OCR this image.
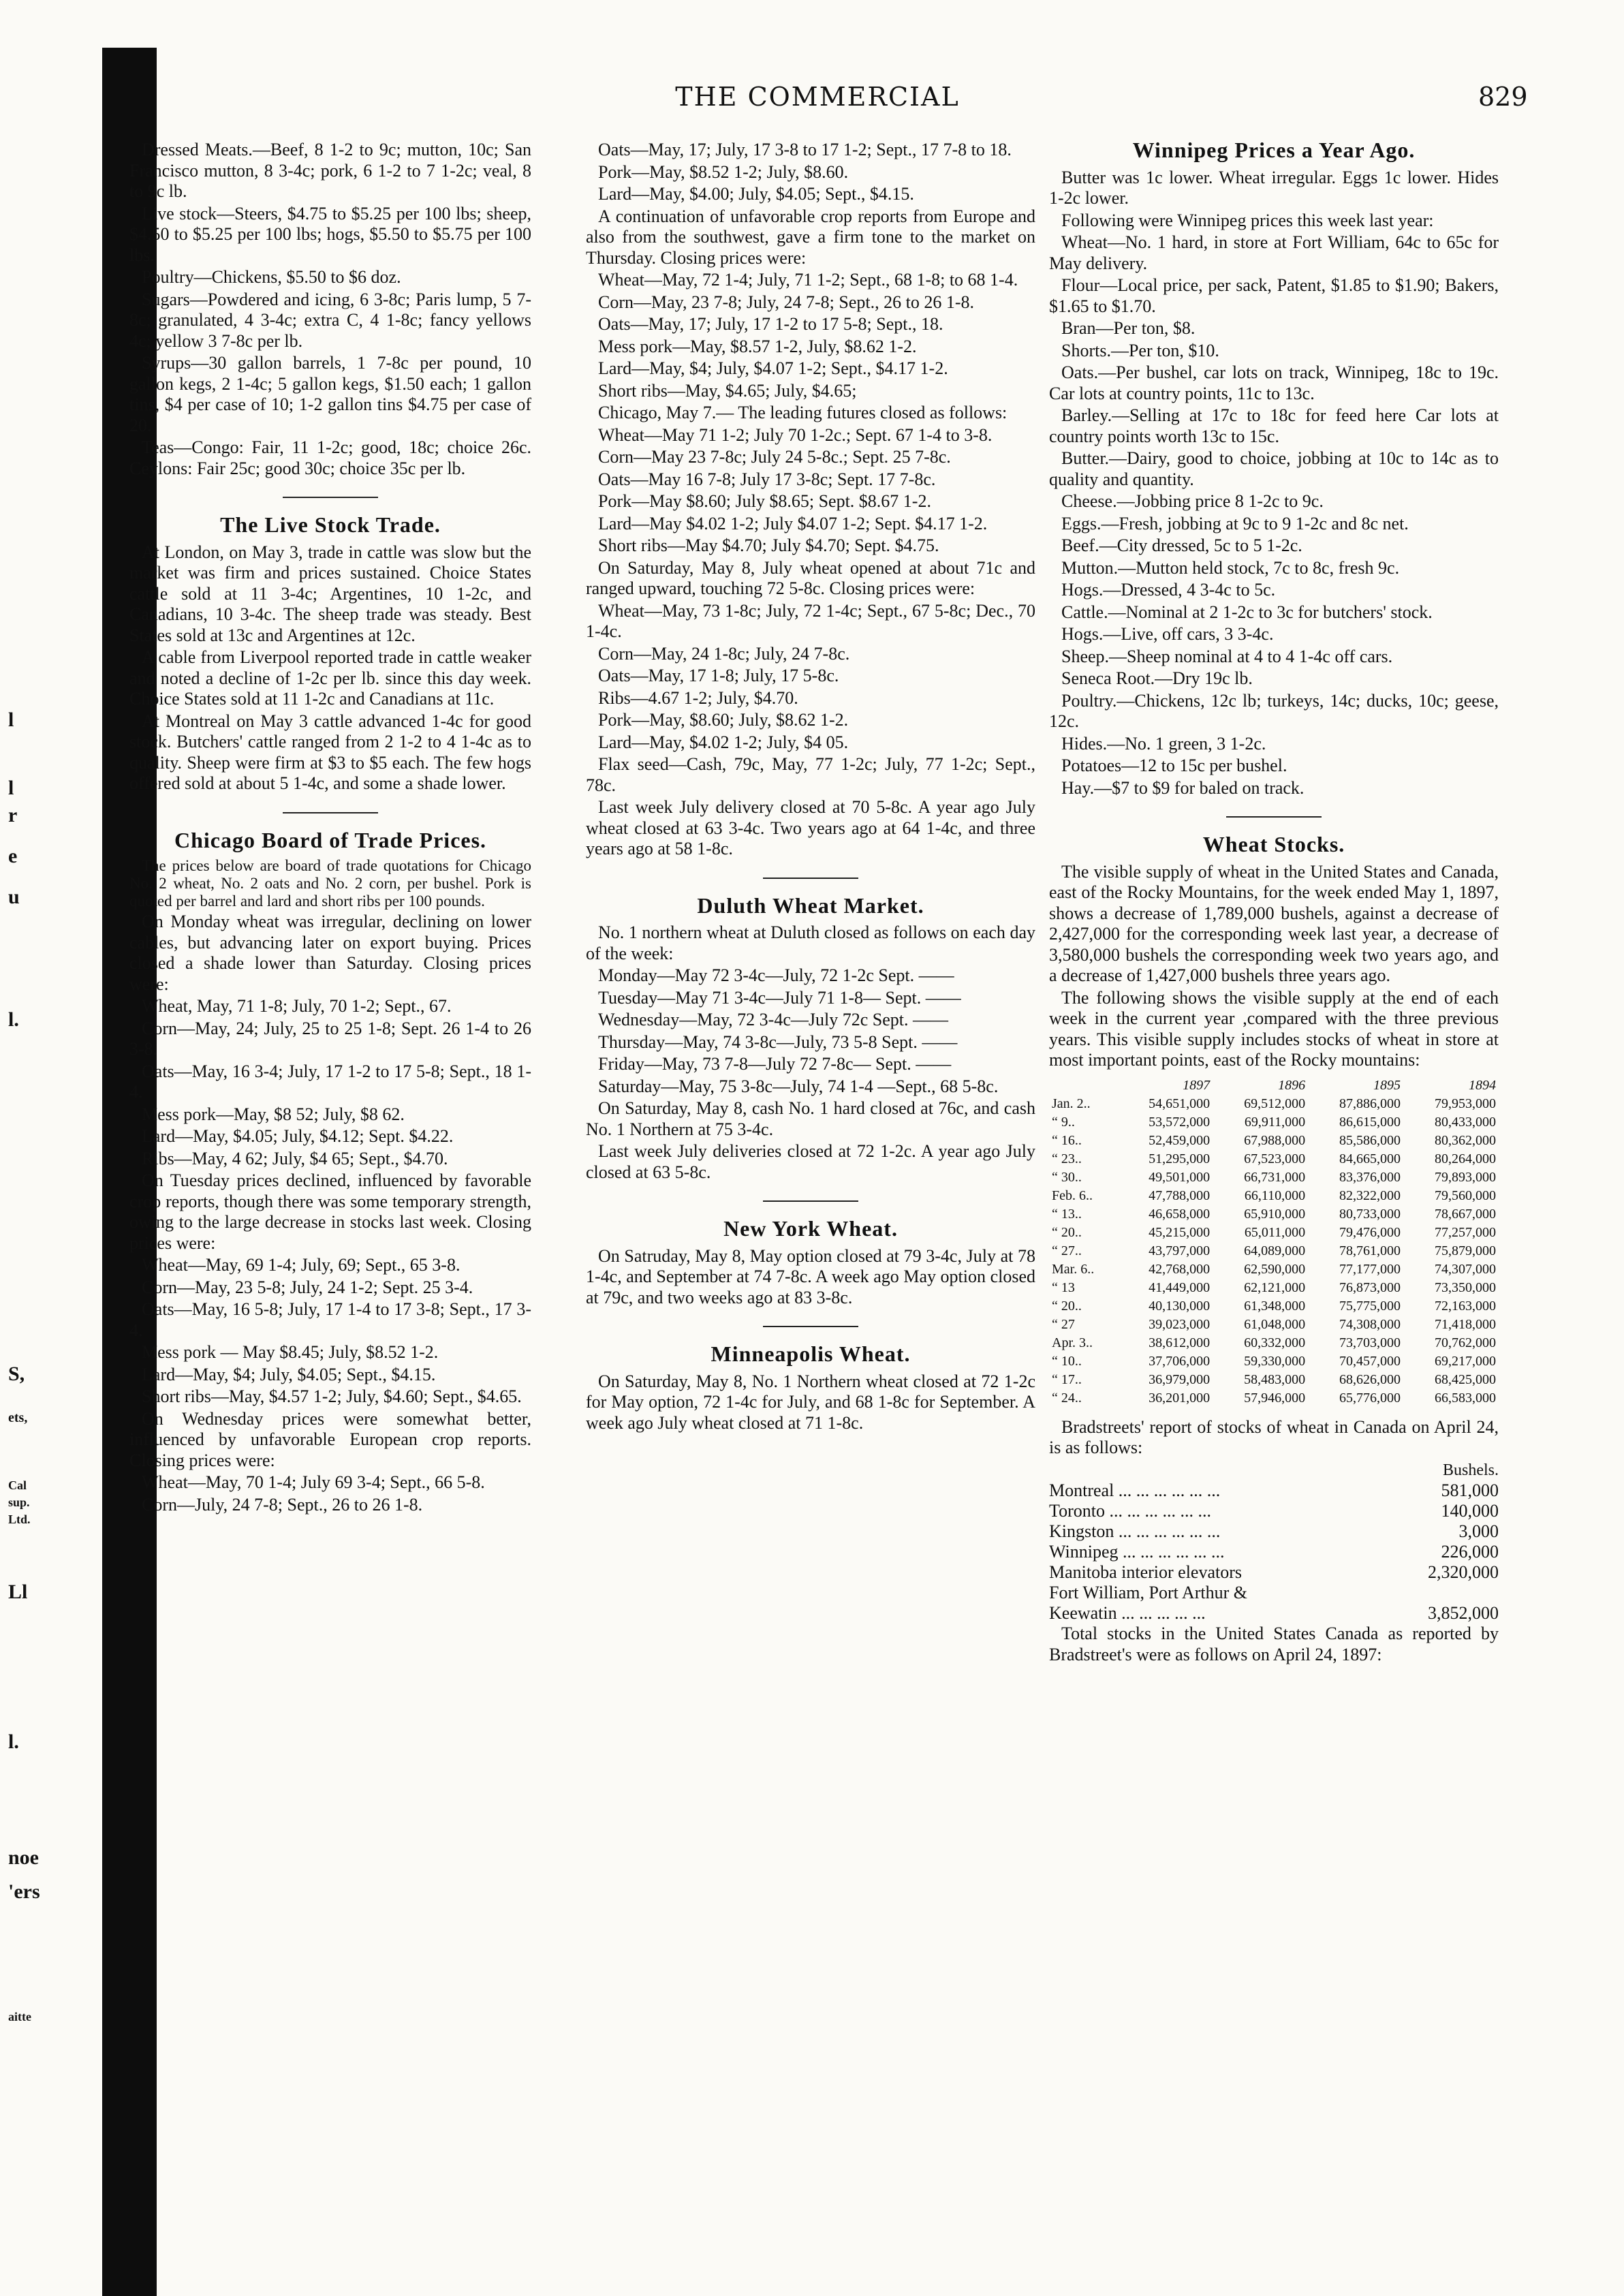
l
l
r
e
u
l.
S,
ets,
Cal
sup.
Ltd.
Ll
l.
noe
'ers
aitte
THE COMMERCIAL	829

Dressed Meats.—Beef, 8 1-2 to 9c; mutton, 10c; San Francisco mutton, 8 3-4c; pork, 6 1-2 to 7 1-2c; veal, 8 to 9c lb.

Live stock—Steers, $4.75 to $5.25 per 100 lbs; sheep, $4.50 to $5.25 per 100 lbs; hogs, $5.50 to $5.75 per 100 lbs.

Poultry—Chickens, $5.50 to $6 doz.

Sugars—Powdered and icing, 6 3-8c; Paris lump, 5 7-8c; granulated, 4 3-4c; extra C, 4 1-8c; fancy yellows 4c; yellow 3 7-8c per lb.

Syrups—30 gallon barrels, 1 7-8c per pound, 10 gallon kegs, 2 1-4c; 5 gallon kegs, $1.50 each; 1 gallon tins, $4 per case of 10; 1-2 gallon tins $4.75 per case of 20.

Teas—Congo: Fair, 11 1-2c; good, 18c; choice 26c. Ceylons: Fair 25c; good 30c; choice 35c per lb.

The Live Stock Trade.

At London, on May 3, trade in cattle was slow but the market was firm and prices sustained. Choice States cattle sold at 11 3-4c; Argentines, 10 1-2c, and Canadians, 10 3-4c. The sheep trade was steady. Best States sold at 13c and Argentines at 12c.

A cable from Liverpool reported trade in cattle weaker and noted a decline of 1-2c per lb. since this day week. Choice States sold at 11 1-2c and Canadians at 11c.

At Montreal on May 3 cattle advanced 1-4c for good stock. Butchers' cattle ranged from 2 1-2 to 4 1-4c as to quality. Sheep were firm at $3 to $5 each. The few hogs offered sold at about 5 1-4c, and some a shade lower.

Chicago Board of Trade Prices.

The prices below are board of trade quotations for Chicago No. 2 wheat, No. 2 oats and No. 2 corn, per bushel. Pork is quoted per barrel and lard and short ribs per 100 pounds.

On Monday wheat was irregular, declining on lower cables, but advancing later on export buying. Prices closed a shade lower than Saturday. Closing prices were:

Wheat, May, 71 1-8; July, 70 1-2; Sept., 67.

Corn—May, 24; July, 25 to 25 1-8; Sept. 26 1-4 to 26 3-8.

Oats—May, 16 3-4; July, 17 1-2 to 17 5-8; Sept., 18 1-4.

Mess pork—May, $8 52; July, $8 62.

Lard—May, $4.05; July, $4.12; Sept. $4.22.

Ribs—May, 4 62; July, $4 65; Sept., $4.70.

On Tuesday prices declined, influenced by favorable crop reports, though there was some temporary strength, owing to the large decrease in stocks last week. Closing prices were:

Wheat—May, 69 1-4; July, 69; Sept., 65 3-8.

Corn—May, 23 5-8; July, 24 1-2; Sept. 25 3-4.

Oats—May, 16 5-8; July, 17 1-4 to 17 3-8; Sept., 17 3-4.

Mess pork — May $8.45; July, $8.52 1-2.

Lard—May, $4; July, $4.05; Sept., $4.15.

Short ribs—May, $4.57 1-2; July, $4.60; Sept., $4.65.

On Wednesday prices were somewhat better, influenced by unfavorable European crop reports. Closing prices were:

Wheat—May, 70 1-4; July 69 3-4; Sept., 66 5-8.

Corn—July, 24 7-8; Sept., 26 to 26 1-8.

Oats—May, 17; July, 17 3-8 to 17 1-2; Sept., 17 7-8 to 18.

Pork—May, $8.52 1-2; July, $8.60.

Lard—May, $4.00; July, $4.05; Sept., $4.15.

A continuation of unfavorable crop reports from Europe and also from the southwest, gave a firm tone to the market on Thursday. Closing prices were:

Wheat—May, 72 1-4; July, 71 1-2; Sept., 68 1-8; to 68 1-4.

Corn—May, 23 7-8; July, 24 7-8; Sept., 26 to 26 1-8.

Oats—May, 17; July, 17 1-2 to 17 5-8; Sept., 18.

Mess pork—May, $8.57 1-2, July, $8.62 1-2.

Lard—May, $4; July, $4.07 1-2; Sept., $4.17 1-2.

Short ribs—May, $4.65; July, $4.65;

Chicago, May 7.— The leading futures closed as follows:

Wheat—May 71 1-2; July 70 1-2c.; Sept. 67 1-4 to 3-8.

Corn—May 23 7-8c; July 24 5-8c.; Sept. 25 7-8c.

Oats—May 16 7-8; July 17 3-8c; Sept. 17 7-8c.

Pork—May $8.60; July $8.65; Sept. $8.67 1-2.

Lard—May $4.02 1-2; July $4.07 1-2; Sept. $4.17 1-2.

Short ribs—May $4.70; July $4.70; Sept. $4.75.

On Saturday, May 8, July wheat opened at about 71c and ranged upward, touching 72 5-8c. Closing prices were:

Wheat—May, 73 1-8c; July, 72 1-4c; Sept., 67 5-8c; Dec., 70 1-4c.

Corn—May, 24 1-8c; July, 24 7-8c.

Oats—May, 17 1-8; July, 17 5-8c.

Ribs—4.67 1-2; July, $4.70.

Pork—May, $8.60; July, $8.62 1-2.

Lard—May, $4.02 1-2; July, $4 05.

Flax seed—Cash, 79c, May, 77 1-2c; July, 77 1-2c; Sept., 78c.

Last week July delivery closed at 70 5-8c. A year ago July wheat closed at 63 3-4c. Two years ago at 64 1-4c, and three years ago at 58 1-8c.

Duluth Wheat Market.

No. 1 northern wheat at Duluth closed as follows on each day of the week:

Monday—May 72 3-4c—July, 72 1-2c Sept. ——

Tuesday—May 71 3-4c—July 71 1-8— Sept. ——

Wednesday—May, 72 3-4c—July 72c Sept. ——

Thursday—May, 74 3-8c—July, 73 5-8 Sept. ——

Friday—May, 73 7-8—July 72 7-8c— Sept. ——

Saturday—May, 75 3-8c—July, 74 1-4 —Sept., 68 5-8c.

On Saturday, May 8, cash No. 1 hard closed at 76c, and cash No. 1 Northern at 75 3-4c.

Last week July deliveries closed at 72 1-2c. A year ago July closed at 63 5-8c.

New York Wheat.

On Satruday, May 8, May option closed at 79 3-4c, July at 78 1-4c, and September at 74 7-8c. A week ago May option closed at 79c, and two weeks ago at 83 3-8c.

Minneapolis Wheat.

On Saturday, May 8, No. 1 Northern wheat closed at 72 1-2c for May option, 72 1-4c for July, and 68 1-8c for September. A week ago July wheat closed at 71 1-8c.

Winnipeg Prices a Year Ago.

Butter was 1c lower. Wheat irregular. Eggs 1c lower. Hides 1-2c lower.

Following were Winnipeg prices this week last year:

Wheat—No. 1 hard, in store at Fort William, 64c to 65c for May delivery.

Flour—Local price, per sack, Patent, $1.85 to $1.90; Bakers, $1.65 to $1.70.

Bran—Per ton, $8.

Shorts.—Per ton, $10.

Oats.—Per bushel, car lots on track, Winnipeg, 18c to 19c. Car lots at country points, 11c to 13c.

Barley.—Selling at 17c to 18c for feed here Car lots at country points worth 13c to 15c.

Butter.—Dairy, good to choice, jobbing at 10c to 14c as to quality and quantity.

Cheese.—Jobbing price 8 1-2c to 9c.

Eggs.—Fresh, jobbing at 9c to 9 1-2c and 8c net.

Beef.—City dressed, 5c to 5 1-2c.

Mutton.—Mutton held stock, 7c to 8c, fresh 9c.

Hogs.—Dressed, 4 3-4c to 5c.

Cattle.—Nominal at 2 1-2c to 3c for butchers' stock.

Hogs.—Live, off cars, 3 3-4c.

Sheep.—Sheep nominal at 4 to 4 1-4c off cars.

Seneca Root.—Dry 19c lb.

Poultry.—Chickens, 12c lb; turkeys, 14c; ducks, 10c; geese, 12c.

Hides.—No. 1 green, 3 1-2c.

Potatoes—12 to 15c per bushel.

Hay.—$7 to $9 for baled on track.

Wheat Stocks.

The visible supply of wheat in the United States and Canada, east of the Rocky Mountains, for the week ended May 1, 1897, shows a decrease of 1,789,000 bushels, against a decrease of 2,427,000 for the corresponding week last year, a decrease of 3,580,000 bushels the corresponding week two years ago, and a decrease of 1,427,000 bushels three years ago.

The following shows the visible supply at the end of each week in the current year ,compared with the three previous years. This visible supply includes stocks of wheat in store at most important points, east of the Rocky mountains:

	1897	1896	1895	1894
Jan. 2..	54,651,000	69,512,000	87,886,000	79,953,000
“ 9..	53,572,000	69,911,000	86,615,000	80,433,000
“ 16..	52,459,000	67,988,000	85,586,000	80,362,000
“ 23..	51,295,000	67,523,000	84,665,000	80,264,000
“ 30..	49,501,000	66,731,000	83,376,000	79,893,000
Feb. 6..	47,788,000	66,110,000	82,322,000	79,560,000
“ 13..	46,658,000	65,910,000	80,733,000	78,667,000
“ 20..	45,215,000	65,011,000	79,476,000	77,257,000
“ 27..	43,797,000	64,089,000	78,761,000	75,879,000
Mar. 6..	42,768,000	62,590,000	77,177,000	74,307,000
“ 13	41,449,000	62,121,000	76,873,000	73,350,000
“ 20..	40,130,000	61,348,000	75,775,000	72,163,000
“ 27	39,023,000	61,048,000	74,308,000	71,418,000
Apr. 3..	38,612,000	60,332,000	73,703,000	70,762,000
“ 10..	37,706,000	59,330,000	70,457,000	69,217,000
“ 17..	36,979,000	58,483,000	68,626,000	68,425,000
“ 24..	36,201,000	57,946,000	65,776,000	66,583,000

Bradstreets' report of stocks of wheat in Canada on April 24, is as follows:

Bushels.
Montreal ... ... ... ... ... ...	581,000
Toronto ... ... ... ... ... ...	140,000
Kingston ... ... ... ... ... ...	3,000
Winnipeg ... ... ... ... ... ...	226,000
Manitoba interior elevators	2,320,000
Fort William, Port Arthur &	
Keewatin ... ... ... ... ...	3,852,000

Total stocks in the United States Canada as reported by Bradstreet's were as follows on April 24, 1897:
